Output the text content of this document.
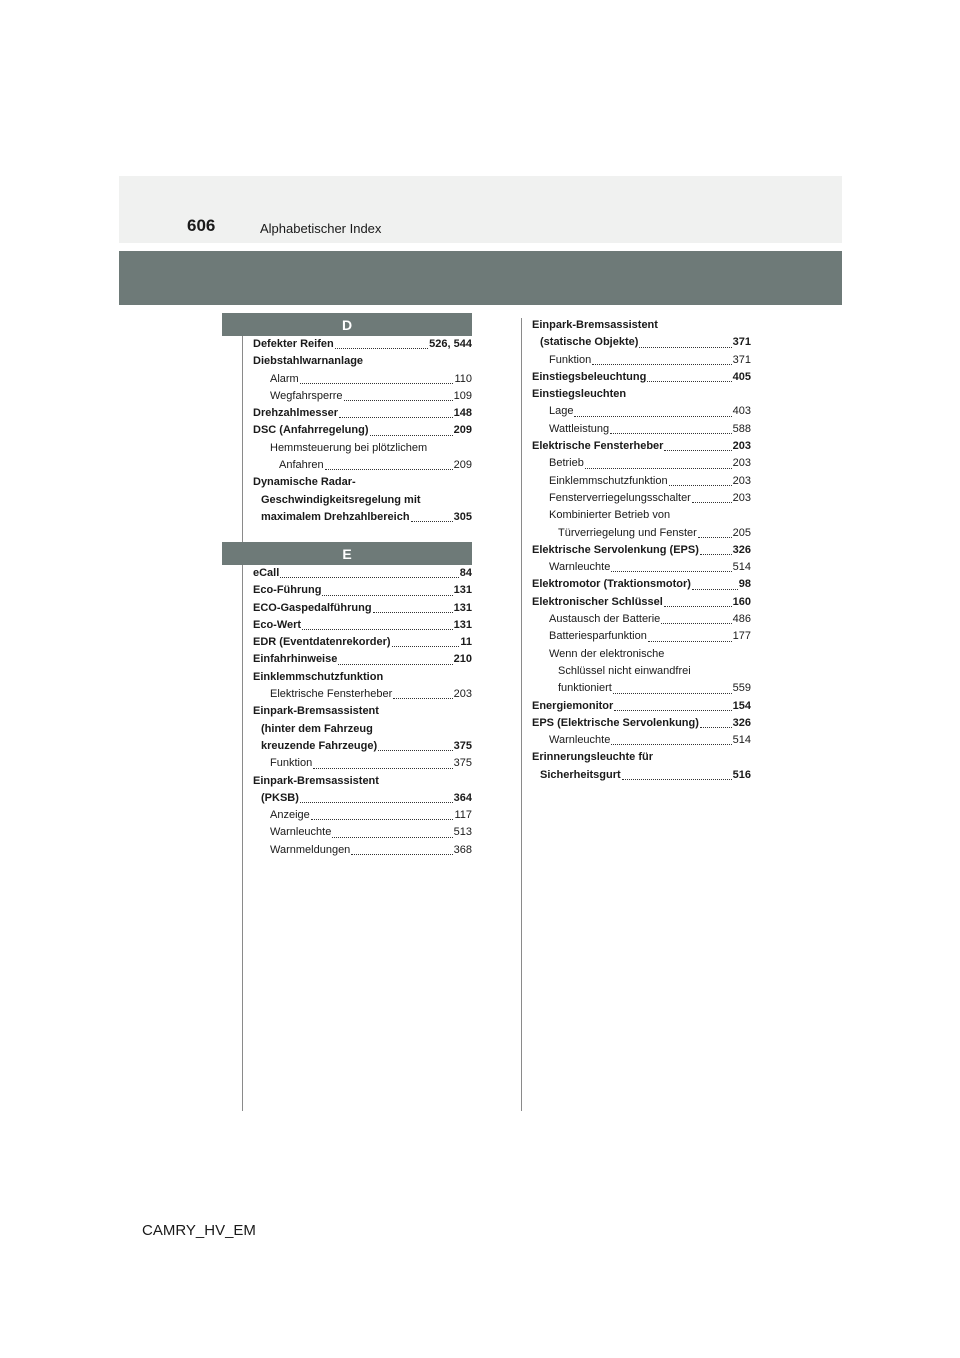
606	Alphabetischer Index
D
Defekter Reifen	526, 544
Diebstahlwarnanlage
Alarm	110
Wegfahrsperre	109
Drehzahlmesser	148
DSC (Anfahrregelung)	209
Hemmsteuerung bei plötzlichem
Anfahren	209
Dynamische Radar-
Geschwindigkeitsregelung mit
maximalem Drehzahlbereich	305
E
eCall	84
Eco-Führung	131
ECO-Gaspedalführung	131
Eco-Wert	131
EDR (Eventdatenrekorder)	11
Einfahrhinweise	210
Einklemmschutzfunktion
Elektrische Fensterheber	203
Einpark-Bremsassistent
(hinter dem Fahrzeug
kreuzende Fahrzeuge)	375
Funktion	375
Einpark-Bremsassistent
(PKSB)	364
Anzeige	117
Warnleuchte	513
Warnmeldungen	368
Einpark-Bremsassistent
(statische Objekte)	371
Funktion	371
Einstiegsbeleuchtung	405
Einstiegsleuchten
Lage	403
Wattleistung	588
Elektrische Fensterheber	203
Betrieb	203
Einklemmschutzfunktion	203
Fensterverriegelungsschalter	203
Kombinierter Betrieb von
Türverriegelung und Fenster	205
Elektrische Servolenkung (EPS)	326
Warnleuchte	514
Elektromotor (Traktionsmotor)	98
Elektronischer Schlüssel	160
Austausch der Batterie	486
Batteriesparfunktion	177
Wenn der elektronische
Schlüssel nicht einwandfrei
funktioniert	559
Energiemonitor	154
EPS (Elektrische Servolenkung)	326
Warnleuchte	514
Erinnerungsleuchte für
Sicherheitsgurt	516
CAMRY_HV_EM
